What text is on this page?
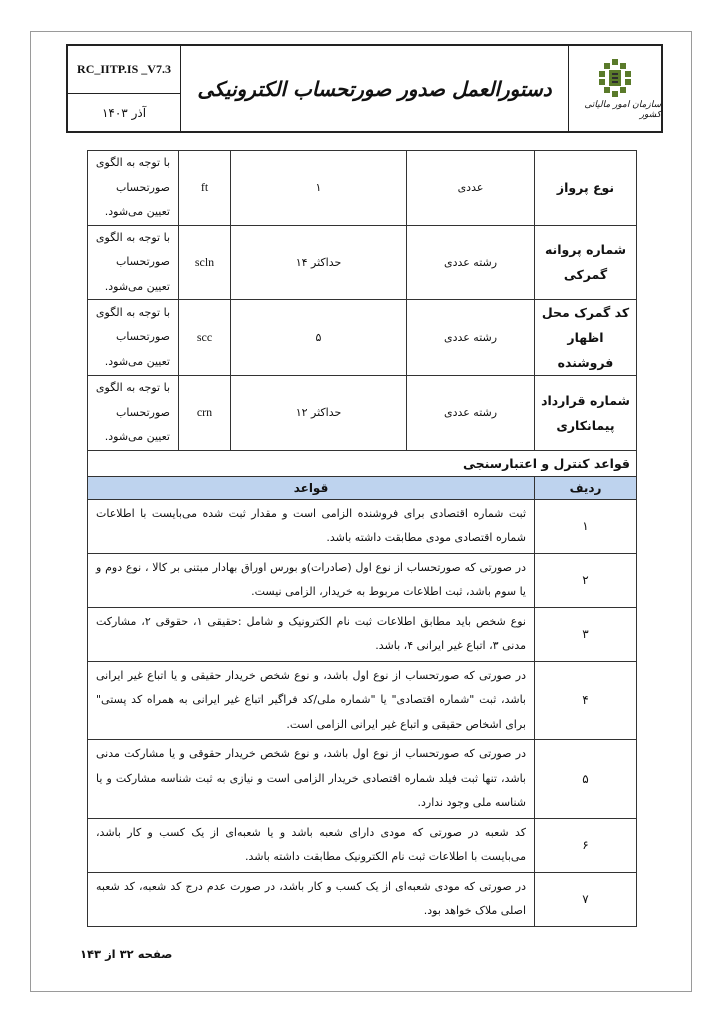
RC_IITP.IS _V7.3
آذر ۱۴۰۳
دستورالعمل صدور صورتحساب الکترونیکی
سازمان امور مالیاتی کشور
نوع پرواز	عددی	۱	ft	با توجه به الگوی صورتحساب تعیین می‌شود.
شماره پروانه گمرکی	رشته عددی	حداکثر ۱۴	scln	با توجه به الگوی صورتحساب تعیین می‌شود.
کد گمرک محل اظهار فروشنده	رشته عددی	۵	scc	با توجه به الگوی صورتحساب تعیین می‌شود.
شماره قرارداد پیمانکاری	رشته عددی	حداکثر ۱۲	crn	با توجه به الگوی صورتحساب تعیین می‌شود.
قواعد کنترل و اعتبارسنجی				
ردیف	قواعد			
۱	ثبت شماره اقتصادی برای فروشنده الزامی است و مقدار ثبت شده می‌بایست با اطلاعات شماره اقتصادی مودی مطابقت داشته باشد.			
۲	در صورتی که صورتحساب از نوع اول (صادرات)و بورس اوراق بهادار مبتنی بر کالا ، نوع دوم و یا سوم باشد، ثبت اطلاعات مربوط به خریدار، الزامی نیست.			
۳	نوع شخص باید مطابق اطلاعات ثبت نام الکترونیک و شامل :حقیقی ۱، حقوقی ۲، مشارکت مدنی ۳، اتباع غیر ایرانی ۴، باشد.			
۴	در صورتی که صورتحساب از نوع اول باشد، و نوع شخص خریدار حقیقی و یا اتباع غیر ایرانی باشد، ثبت "شماره اقتصادی" یا "شماره ملی/کد فراگیر اتباع غیر ایرانی به همراه کد پستی" برای اشخاص حقیقی و اتباع غیر ایرانی الزامی است.			
۵	در صورتی که صورتحساب از نوع اول باشد، و نوع شخص خریدار حقوقی و یا مشارکت مدنی باشد، تنها ثبت فیلد شماره اقتصادی خریدار الزامی است و نیازی به ثبت شناسه مشارکت و یا شناسه ملی وجود ندارد.			
۶	کد شعبه در صورتی که مودی دارای شعبه باشد و یا شعبه‌ای از یک کسب و کار باشد، می‌بایست با اطلاعات ثبت نام الکترونیک مطابقت داشته باشد.			
۷	در صورتی که مودی شعبه‌ای از یک کسب و کار باشد، در صورت عدم درج کد شعبه، کد شعبه اصلی ملاک خواهد بود.			
صفحه ۳۲ از ۱۴۳
